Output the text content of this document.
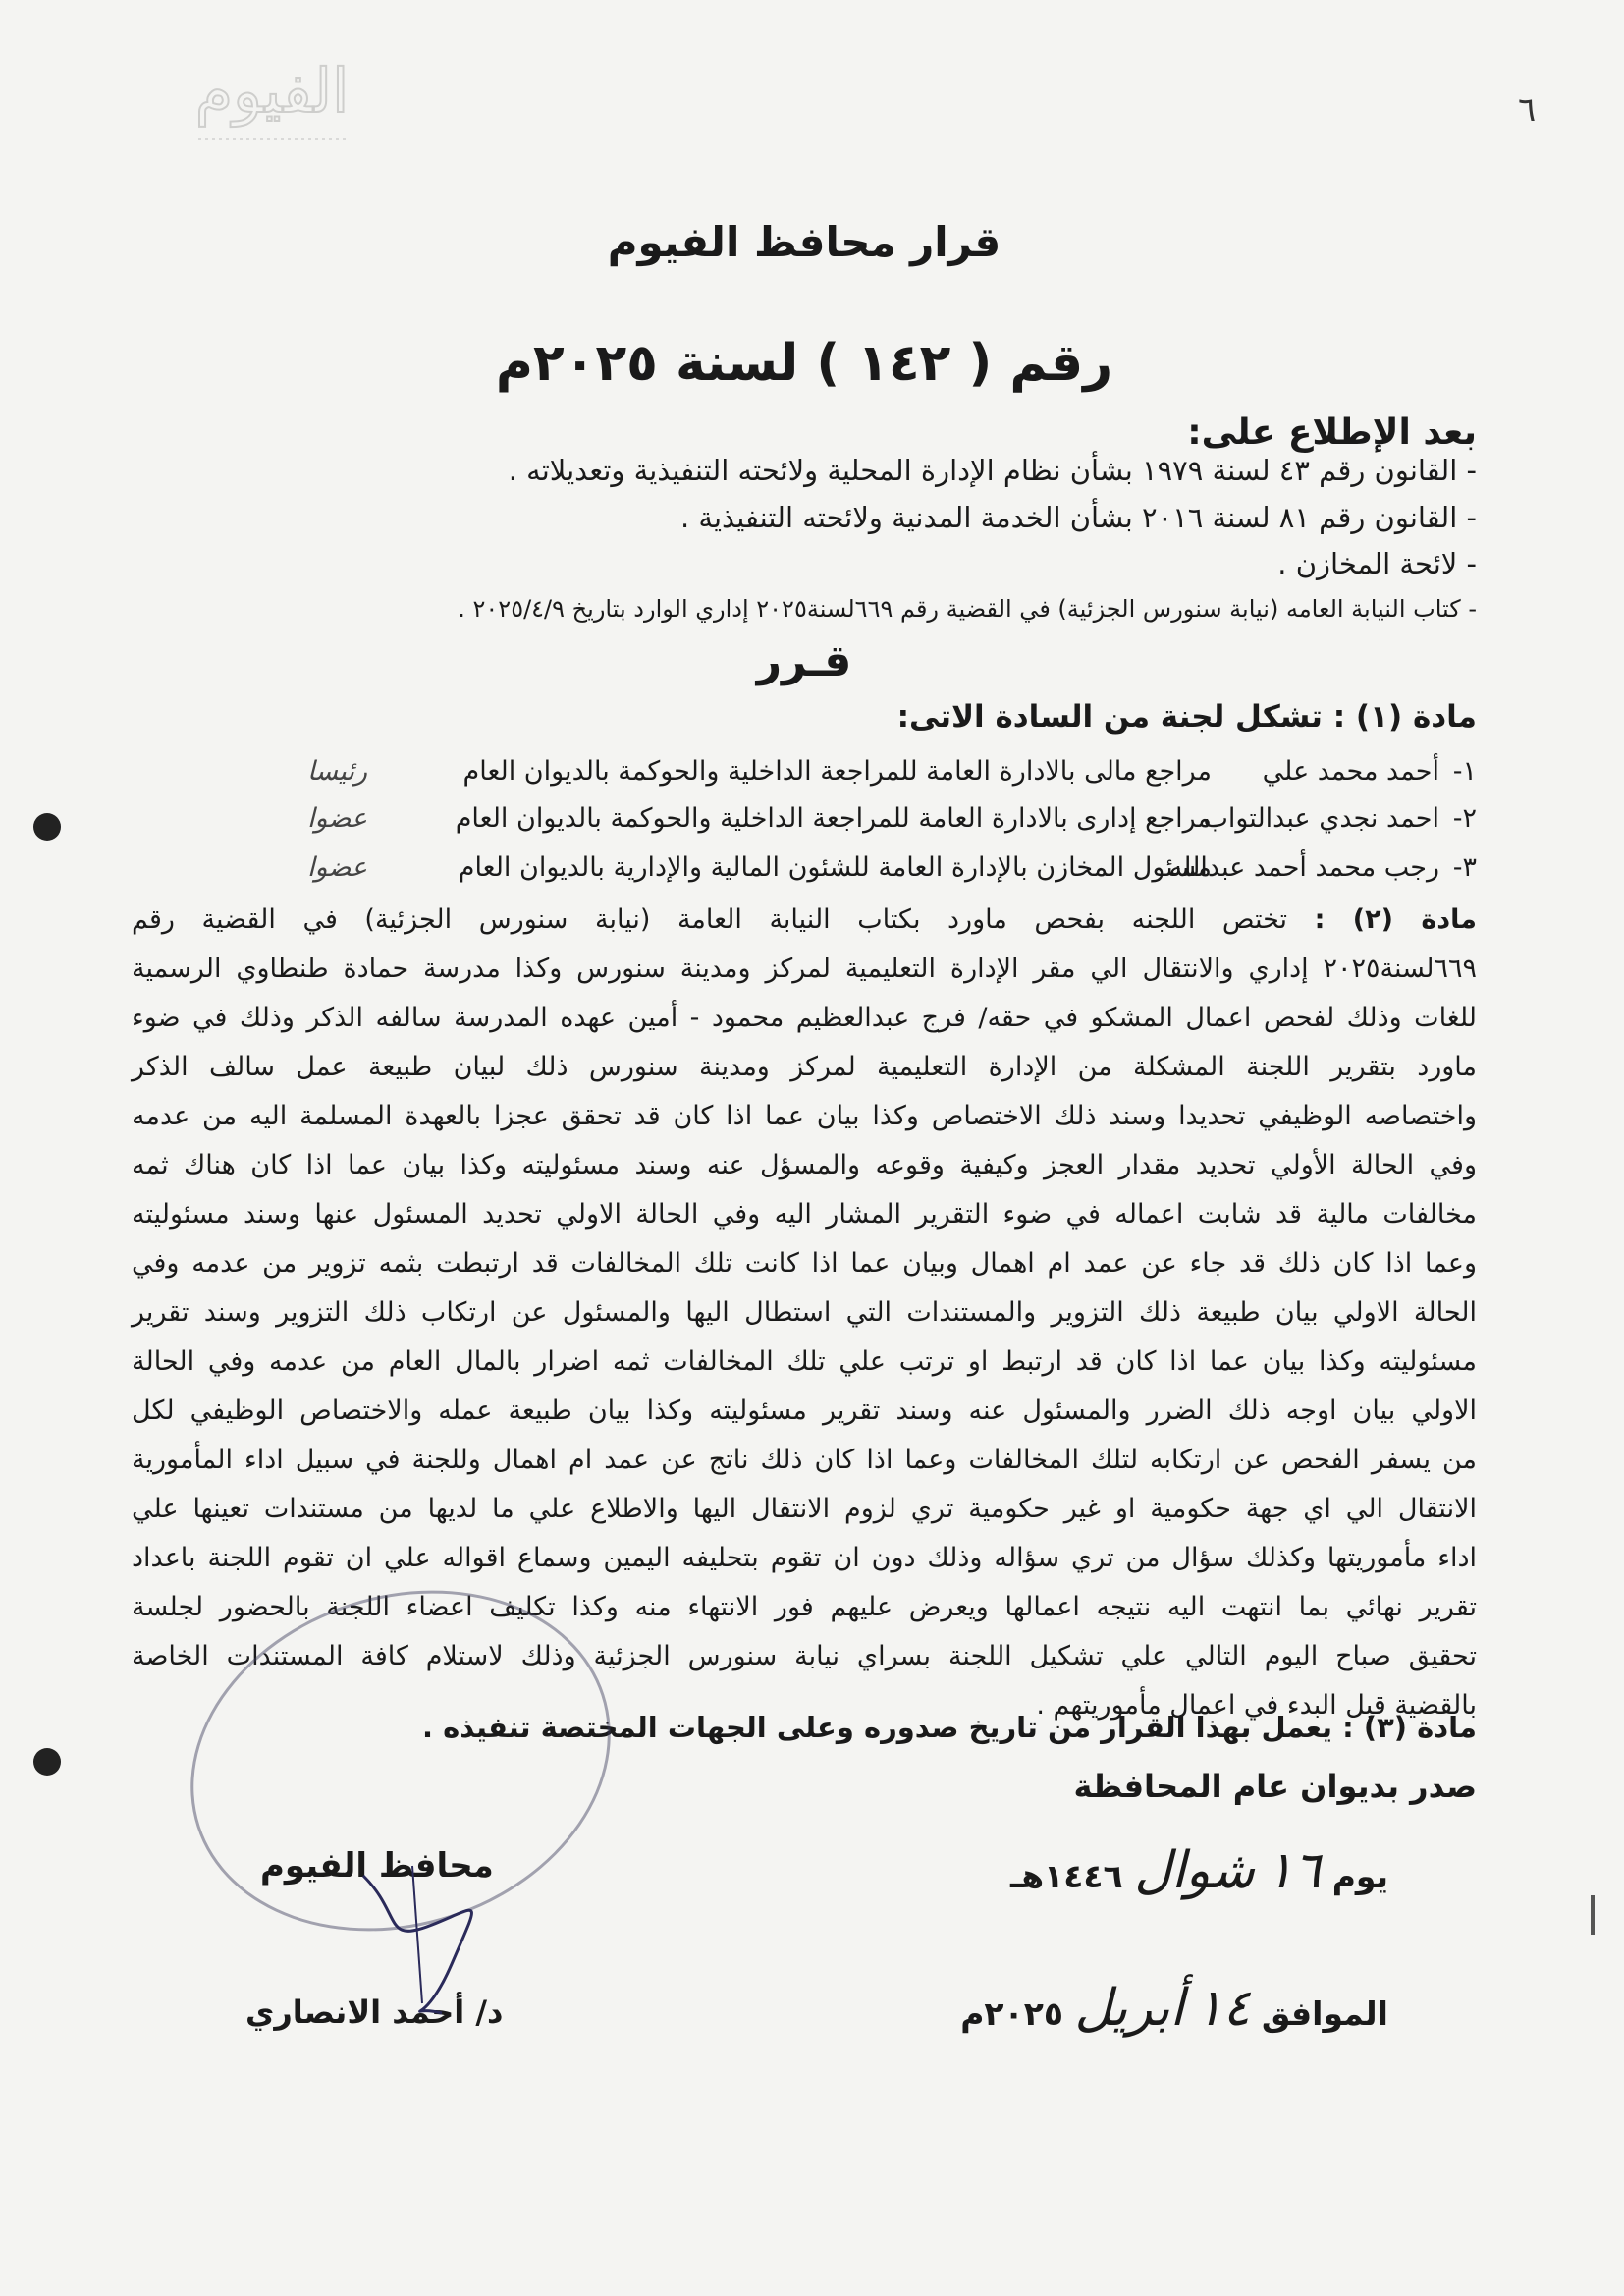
الفيوم	٦
قرار محافظ الفيوم
رقم ( ١٤٢ ) لسنة ٢٠٢٥م
بعد الإطلاع على:
- القانون رقم ٤٣ لسنة ١٩٧٩ بشأن نظام الإدارة المحلية ولائحته التنفيذية وتعديلاته .
- القانون رقم ٨١ لسنة ٢٠١٦ بشأن الخدمة المدنية ولائحته التنفيذية .
- لائحة المخازن .
- كتاب النيابة العامه (نيابة سنورس الجزئية) في القضية رقم ٦٦٩لسنة٢٠٢٥ إداري الوارد بتاريخ ٢٠٢٥/٤/٩ .
قـرر
مادة (١) : تشكل لجنة من السادة الاتى:
١-
أحمد محمد علي
مراجع مالى بالادارة العامة للمراجعة الداخلية والحوكمة بالديوان العام
رئيسا
٢-
احمد نجدي عبدالتواب
مراجع إدارى بالادارة العامة للمراجعة الداخلية والحوكمة بالديوان العام
عضوا
٣-
رجب محمد أحمد عبدالله
مسئول المخازن بالإدارة العامة للشئون المالية والإدارية بالديوان العام
عضوا
مادة (٢) : تختص اللجنه بفحص ماورد بكتاب النيابة العامة (نيابة سنورس الجزئية) في القضية رقم
٦٦٩لسنة٢٠٢٥ إداري والانتقال الي مقر الإدارة التعليمية لمركز ومدينة سنورس وكذا مدرسة حمادة طنطاوي الرسمية
للغات وذلك لفحص اعمال المشكو في حقه/ فرج عبدالعظيم محمود - أمين عهده المدرسة سالفه الذكر وذلك في ضوء
ماورد بتقرير اللجنة المشكلة من الإدارة التعليمية لمركز ومدينة سنورس ذلك لبيان طبيعة عمل سالف الذكر
واختصاصه الوظيفي تحديدا وسند ذلك الاختصاص وكذا بيان عما اذا كان قد تحقق عجزا بالعهدة المسلمة اليه من عدمه
وفي الحالة الأولي تحديد مقدار العجز وكيفية وقوعه والمسؤل عنه وسند مسئوليته وكذا بيان عما اذا كان هناك ثمه
مخالفات مالية قد شابت اعماله في ضوء التقرير المشار اليه وفي الحالة الاولي تحديد المسئول عنها وسند مسئوليته
وعما اذا كان ذلك قد جاء عن عمد ام اهمال وبيان عما اذا كانت تلك المخالفات قد ارتبطت بثمه تزوير من عدمه وفي
الحالة الاولي بيان طبيعة ذلك التزوير والمستندات التي استطال اليها والمسئول عن ارتكاب ذلك التزوير وسند تقرير
مسئوليته وكذا بيان عما اذا كان قد ارتبط او ترتب علي تلك المخالفات ثمه اضرار بالمال العام من عدمه وفي الحالة
الاولي بيان اوجه ذلك الضرر والمسئول عنه وسند تقرير مسئوليته وكذا بيان طبيعة عمله والاختصاص الوظيفي لكل
من يسفر الفحص عن ارتكابه لتلك المخالفات وعما اذا كان ذلك ناتج عن عمد ام اهمال وللجنة في سبيل اداء المأمورية
الانتقال الي اي جهة حكومية او غير حكومية تري لزوم الانتقال اليها والاطلاع علي ما لديها من مستندات تعينها علي
اداء مأموريتها وكذلك سؤال من تري سؤاله وذلك دون ان تقوم بتحليفه اليمين وسماع اقواله علي ان تقوم اللجنة باعداد
تقرير نهائي بما انتهت اليه نتيجه اعمالها ويعرض عليهم فور الانتهاء منه وكذا تكليف اعضاء اللجنة بالحضور لجلسة
تحقيق صباح اليوم التالي علي تشكيل اللجنة بسراي نيابة سنورس الجزئية وذلك لاستلام كافة المستندات الخاصة
بالقضية قبل البدء في اعمال مأموريتهم .
مادة (٣) : يعمل بهذا القرار من تاريخ صدوره وعلى الجهات المختصة تنفيذه .
صدر بديوان عام المحافظة
يوم ١٦ شوال ١٤٤٦هـ
محافظ الفيوم
الموافق ١٤ أبريل ٢٠٢٥م
د/ أحمد الانصاري
